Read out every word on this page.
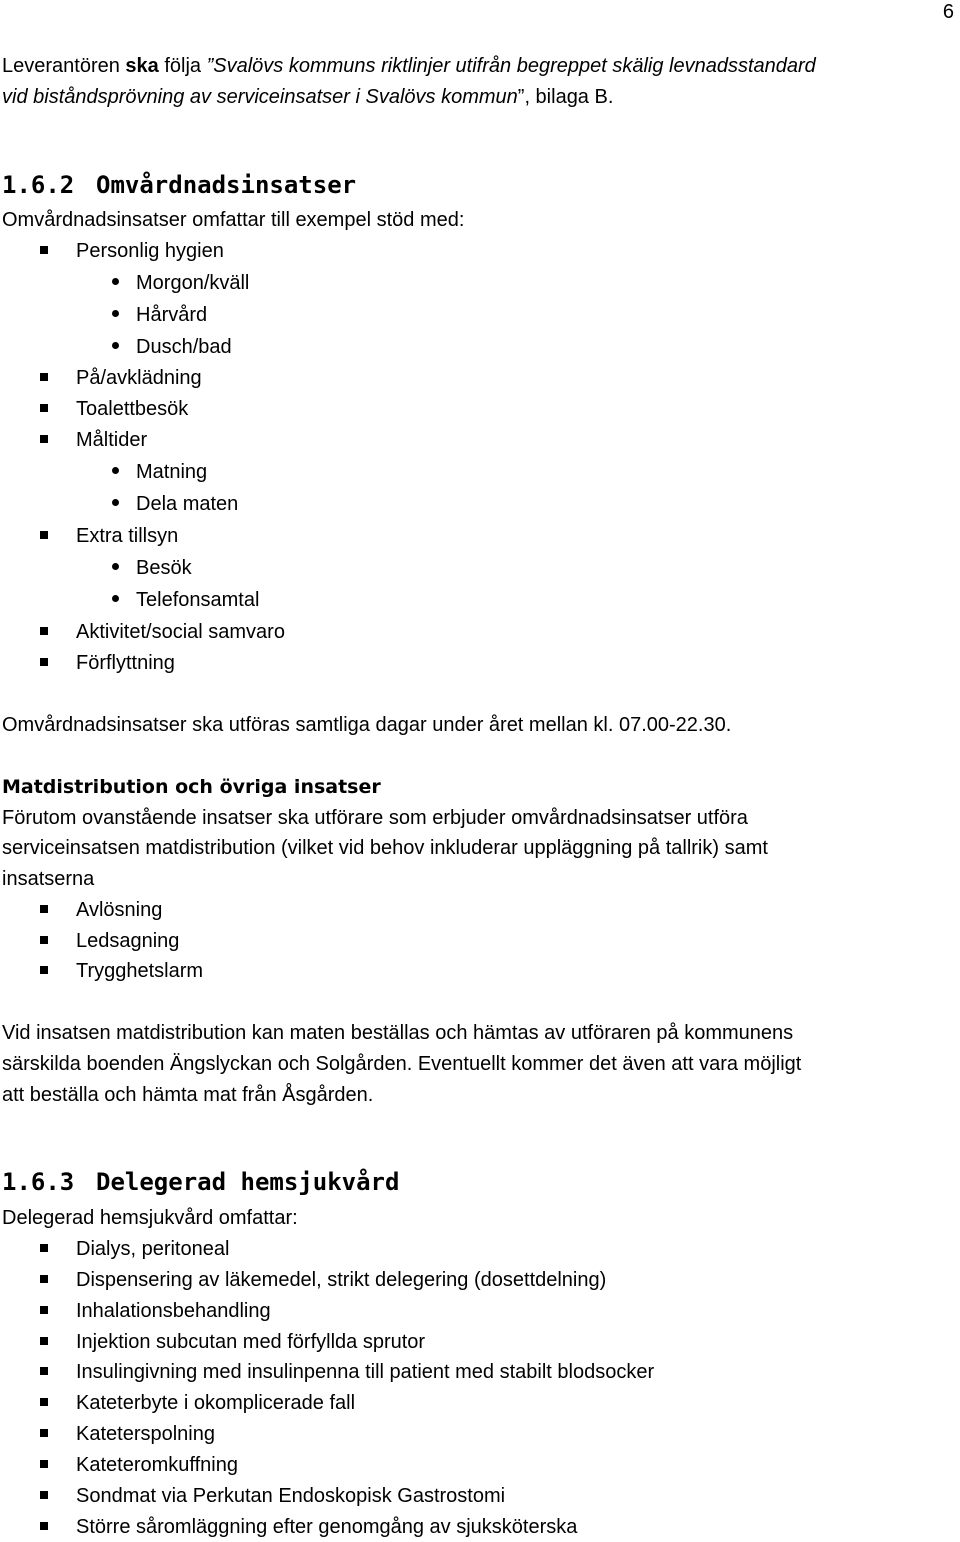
6
Leverantören ska följa ”Svalövs kommuns riktlinjer utifrån begreppet skälig levnadsstandard
vid biståndsprövning av serviceinsatser i Svalövs kommun”, bilaga B.
1.6.2 Omvårdnadsinsatser
Omvårdnadsinsatser omfattar till exempel stöd med:
Personlig hygien
Morgon/kväll
Hårvård
Dusch/bad
På/avklädning
Toalettbesök
Måltider
Matning
Dela maten
Extra tillsyn
Besök
Telefonsamtal
Aktivitet/social samvaro
Förflyttning
Omvårdnadsinsatser ska utföras samtliga dagar under året mellan kl. 07.00-22.30.
Matdistribution och övriga insatser
Förutom ovanstående insatser ska utförare som erbjuder omvårdnadsinsatser utföra
serviceinsatsen matdistribution (vilket vid behov inkluderar uppläggning på tallrik) samt
insatserna
Avlösning
Ledsagning
Trygghetslarm
Vid insatsen matdistribution kan maten beställas och hämtas av utföraren på kommunens
särskilda boenden Ängslyckan och Solgården. Eventuellt kommer det även att vara möjligt
att beställa och hämta mat från Åsgården.
1.6.3 Delegerad hemsjukvård
Delegerad hemsjukvård omfattar:
Dialys, peritoneal
Dispensering av läkemedel, strikt delegering (dosettdelning)
Inhalationsbehandling
Injektion subcutan med förfyllda sprutor
Insulingivning med insulinpenna till patient med stabilt blodsocker
Kateterbyte i okomplicerade fall
Kateterspolning
Kateteromkuffning
Sondmat via Perkutan Endoskopisk Gastrostomi
Större såromläggning efter genomgång av sjuksköterska
